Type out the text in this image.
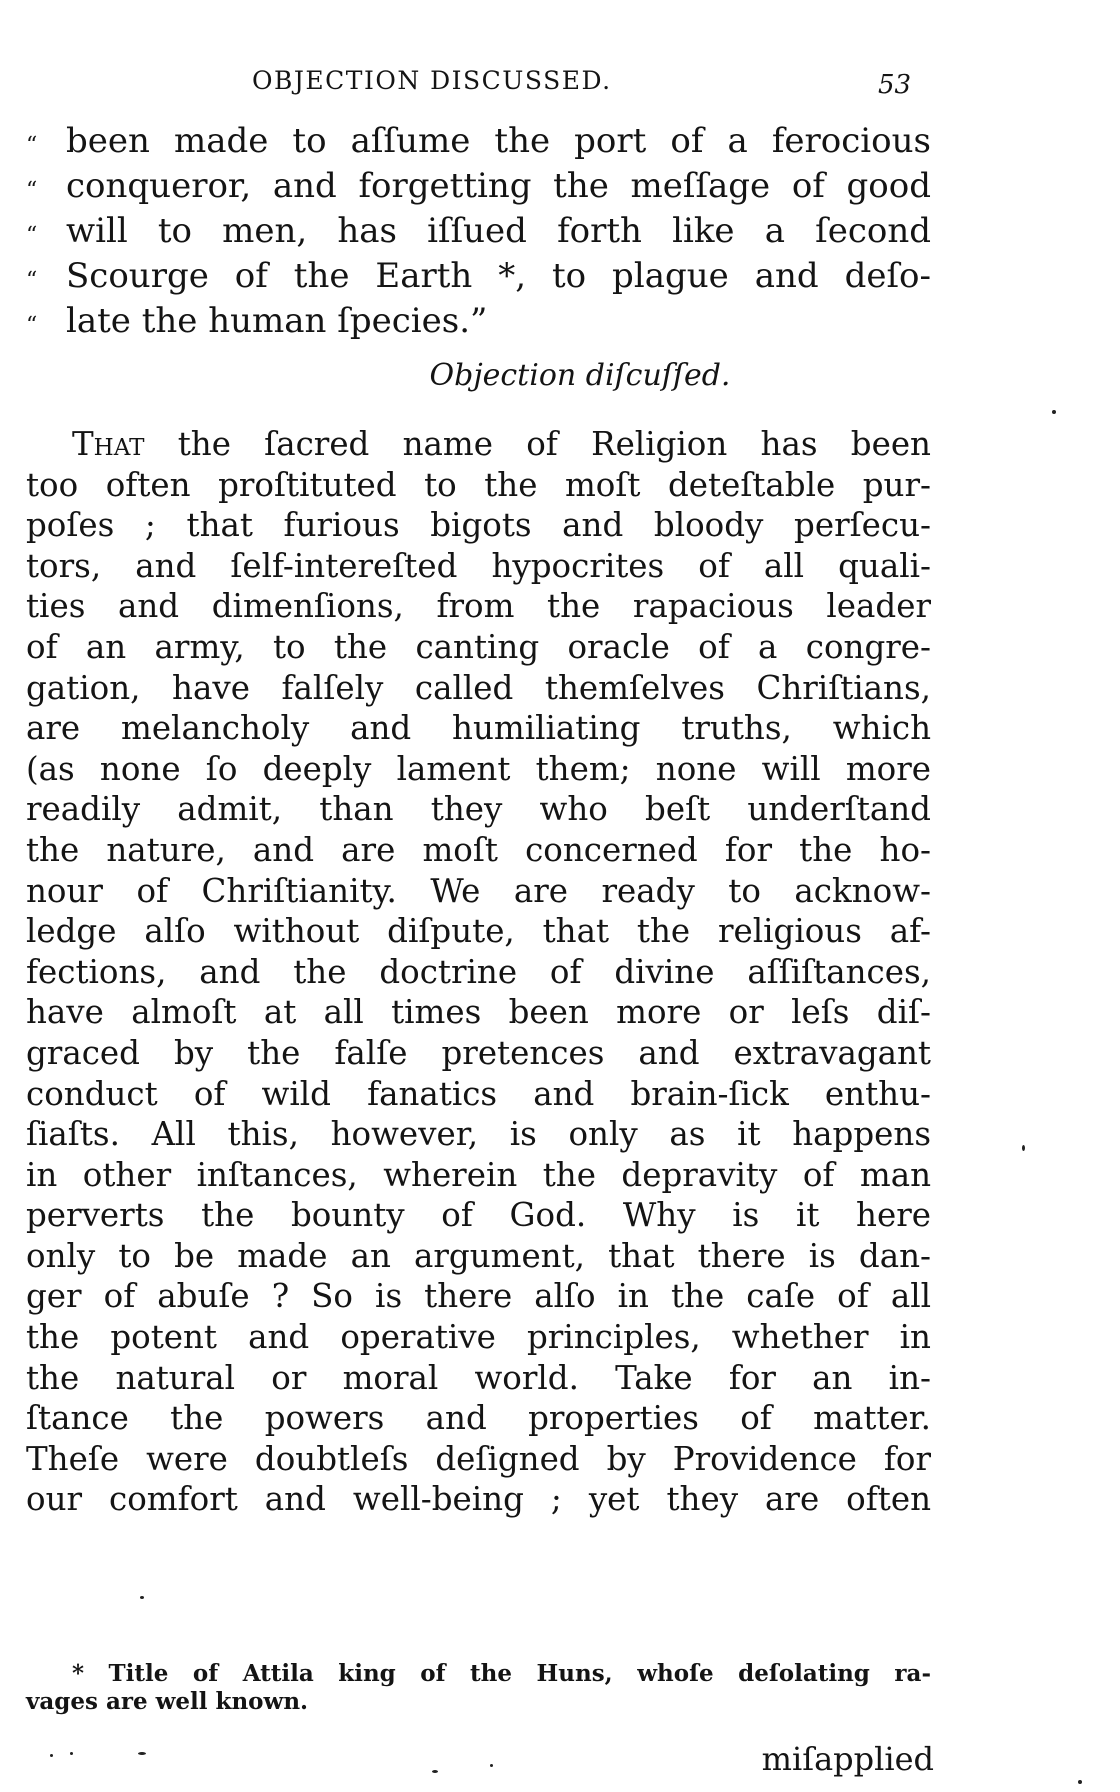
OBJECTION DISCUSSED.	53
“ been made to aſſume the port of a ferocious
“ conqueror, and forgetting the meſſage of good
“ will to men, has iſſued forth like a ſecond
“ Scourge of the Earth *, to plague and deſo-
“ late the human ſpecies.”
Objection diſcuſſed.
That the ſacred name of Religion has been
too often proſtituted to the moſt deteſtable pur-
poſes ; that furious bigots and bloody perſecu-
tors, and ſelf-intereſted hypocrites of all quali-
ties and dimenſions, from the rapacious leader
of an army, to the canting oracle of a congre-
gation, have falſely called themſelves Chriſtians,
are melancholy and humiliating truths, which
(as none ſo deeply lament them; none will more
readily admit, than they who beſt underſtand
the nature, and are moſt concerned for the ho-
nour of Chriſtianity. We are ready to acknow-
ledge alſo without diſpute, that the religious af-
fections, and the doctrine of divine aſſiſtances,
have almoſt at all times been more or leſs diſ-
graced by the falſe pretences and extravagant
conduct of wild fanatics and brain-ſick enthu-
ſiaſts. All this, however, is only as it happens
in other inſtances, wherein the depravity of man
perverts the bounty of God. Why is it here
only to be made an argument, that there is dan-
ger of abuſe ? So is there alſo in the caſe of all
the potent and operative principles, whether in
the natural or moral world. Take for an in-
ſtance the powers and properties of matter.
Theſe were doubtleſs deſigned by Providence for
our comfort and well-being ; yet they are often
* Title of Attila king of the Huns, whoſe deſolating ra-
vages are well known.
miſapplied
